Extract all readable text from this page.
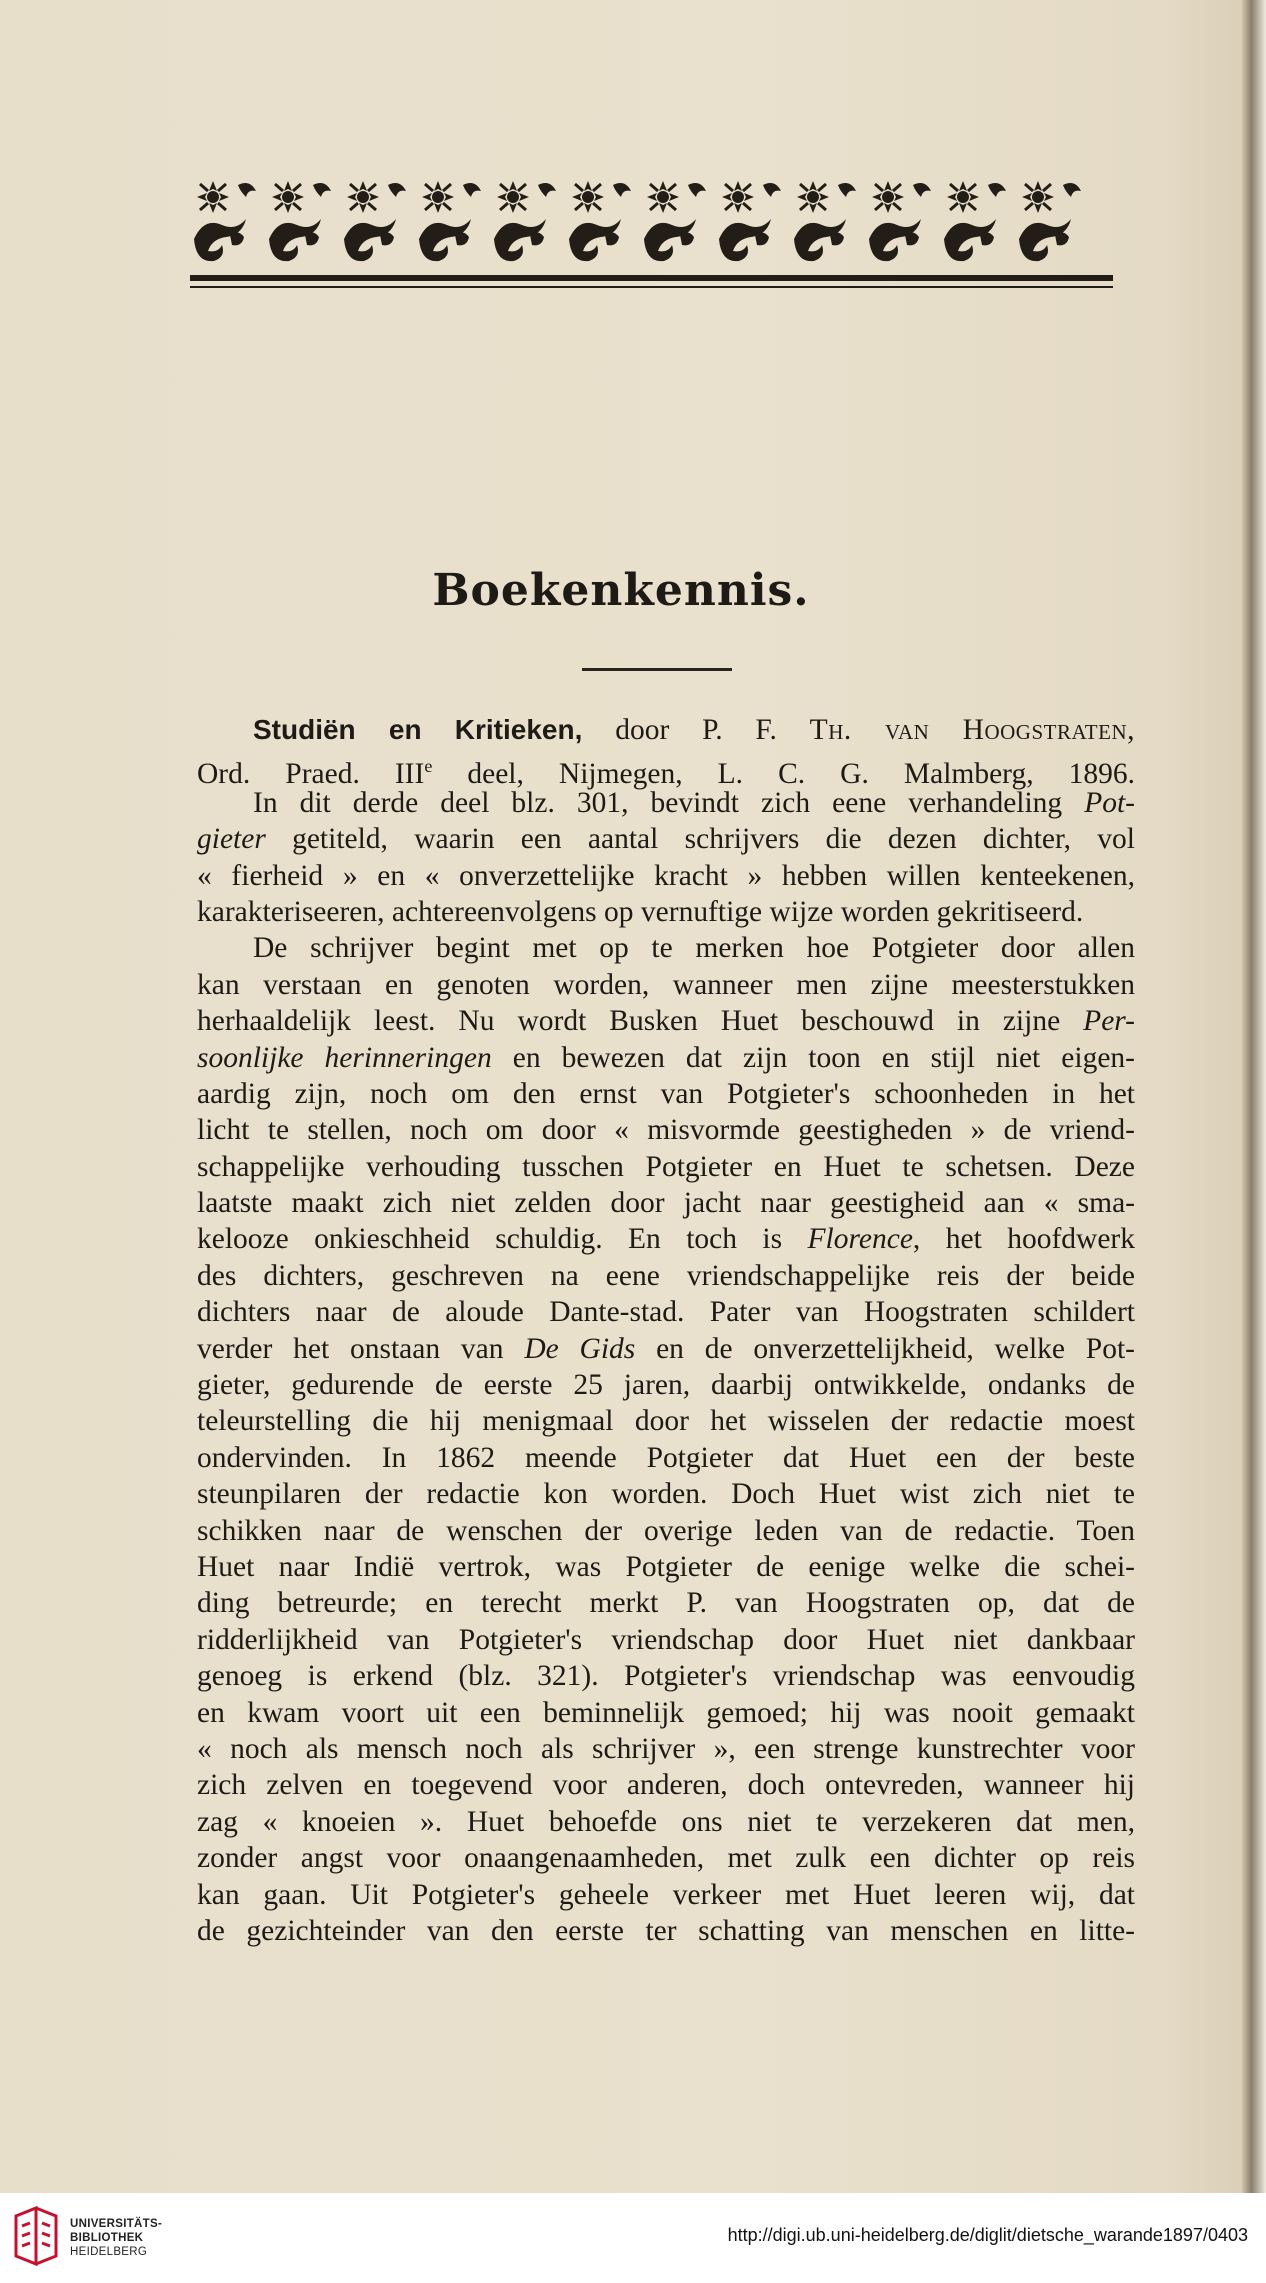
Boekenkennis.
Studiën en Kritieken, door P. F. Th. van Hoogstraten,
Ord. Praed. IIIe deel, Nijmegen, L. C. G. Malmberg, 1896.
In dit derde deel blz. 301, bevindt zich eene verhandeling Pot-
gieter getiteld, waarin een aantal schrijvers die dezen dichter, vol
« fierheid » en « onverzettelijke kracht » hebben willen kenteekenen,
karakteriseeren, achtereenvolgens op vernuftige wijze worden gekritiseerd.
De schrijver begint met op te merken hoe Potgieter door allen
kan verstaan en genoten worden, wanneer men zijne meesterstukken
herhaaldelijk leest. Nu wordt Busken Huet beschouwd in zijne Per-
soonlijke herinneringen en bewezen dat zijn toon en stijl niet eigen-
aardig zijn, noch om den ernst van Potgieter's schoonheden in het
licht te stellen, noch om door « misvormde geestigheden » de vriend-
schappelijke verhouding tusschen Potgieter en Huet te schetsen. Deze
laatste maakt zich niet zelden door jacht naar geestigheid aan « sma-
kelooze onkieschheid schuldig. En toch is Florence, het hoofdwerk
des dichters, geschreven na eene vriendschappelijke reis der beide
dichters naar de aloude Dante-stad. Pater van Hoogstraten schildert
verder het onstaan van De Gids en de onverzettelijkheid, welke Pot-
gieter, gedurende de eerste 25 jaren, daarbij ontwikkelde, ondanks de
teleurstelling die hij menigmaal door het wisselen der redactie moest
ondervinden. In 1862 meende Potgieter dat Huet een der beste
steunpilaren der redactie kon worden. Doch Huet wist zich niet te
schikken naar de wenschen der overige leden van de redactie. Toen
Huet naar Indië vertrok, was Potgieter de eenige welke die schei-
ding betreurde; en terecht merkt P. van Hoogstraten op, dat de
ridderlijkheid van Potgieter's vriendschap door Huet niet dankbaar
genoeg is erkend (blz. 321). Potgieter's vriendschap was eenvoudig
en kwam voort uit een beminnelijk gemoed; hij was nooit gemaakt
« noch als mensch noch als schrijver », een strenge kunstrechter voor
zich zelven en toegevend voor anderen, doch ontevreden, wanneer hij
zag « knoeien ». Huet behoefde ons niet te verzekeren dat men,
zonder angst voor onaangenaamheden, met zulk een dichter op reis
kan gaan. Uit Potgieter's geheele verkeer met Huet leeren wij, dat
de gezichteinder van den eerste ter schatting van menschen en litte-
UNIVERSITÄTS-
BIBLIOTHEK
HEIDELBERG
http://digi.ub.uni-heidelberg.de/diglit/dietsche_warande1897/0403
